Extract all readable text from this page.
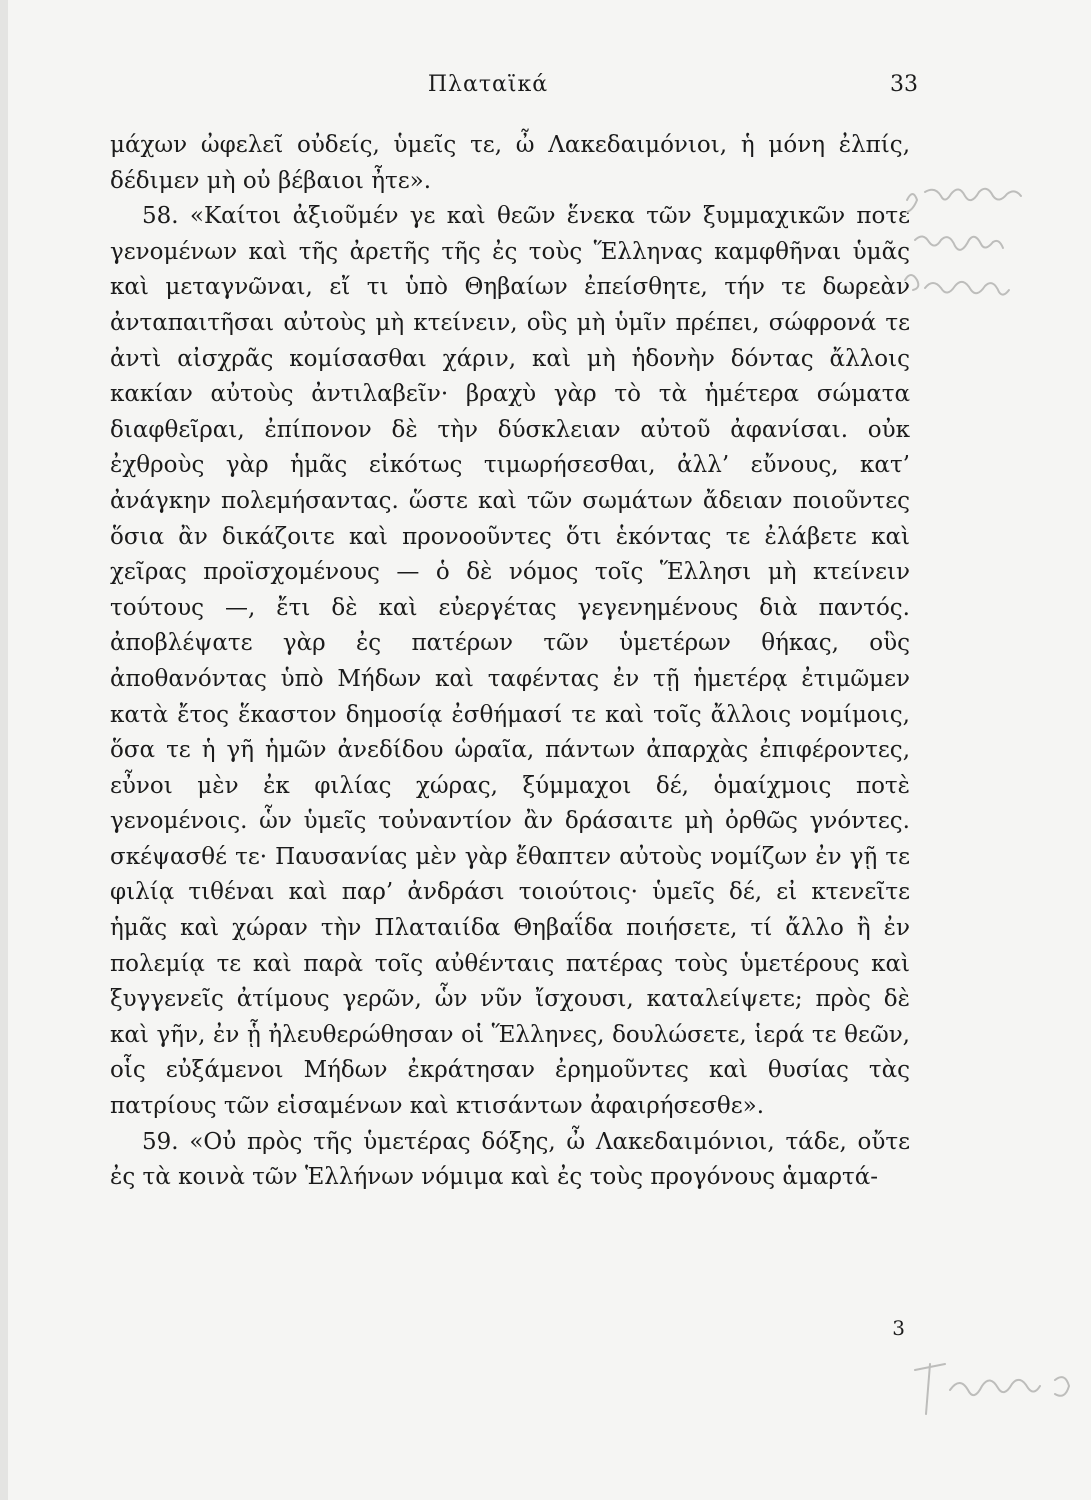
Πλαταϊκά	33

μάχων ὠφελεῖ οὐδείς, ὑμεῖς τε, ὦ Λακεδαιμόνιοι, ἡ μόνη ἐλπίς, δέδιμεν μὴ οὐ βέβαιοι ἦτε».

58. «Καίτοι ἀξιοῦμέν γε καὶ θεῶν ἕνεκα τῶν ξυμμαχικῶν ποτε γενομένων καὶ τῆς ἀρετῆς τῆς ἐς τοὺς Ἕλληνας καμφθῆναι ὑμᾶς καὶ μεταγνῶναι, εἴ τι ὑπὸ Θηβαίων ἐπείσθητε, τήν τε δωρεὰν ἀνταπαιτῆσαι αὐτοὺς μὴ κτείνειν, οὓς μὴ ὑμῖν πρέπει, σώφρονά τε ἀντὶ αἰσχρᾶς κομίσασθαι χάριν, καὶ μὴ ἡδονὴν δόντας ἄλλοις κακίαν αὐτοὺς ἀντιλαβεῖν· βραχὺ γὰρ τὸ τὰ ἡμέτερα σώματα διαφθεῖραι, ἐπίπονον δὲ τὴν δύσκλειαν αὐτοῦ ἀφανίσαι. οὐκ ἐχθροὺς γὰρ ἡμᾶς εἰκότως τιμωρήσεσθαι, ἀλλ’ εὔνους, κατ’ ἀνάγκην πολεμήσαντας. ὥστε καὶ τῶν σωμάτων ἄδειαν ποιοῦντες ὅσια ἂν δικάζοιτε καὶ προνοοῦντες ὅτι ἑκόντας τε ἐλάβετε καὶ χεῖρας προϊσχομένους — ὁ δὲ νόμος τοῖς Ἕλλησι μὴ κτείνειν τούτους —, ἔτι δὲ καὶ εὐεργέτας γεγενημένους διὰ παντός. ἀποβλέψατε γὰρ ἐς πατέρων τῶν ὑμετέρων θήκας, οὓς ἀποθανόντας ὑπὸ Μήδων καὶ ταφέντας ἐν τῇ ἡμετέρᾳ ἐτιμῶμεν κατὰ ἔτος ἕκαστον δημοσίᾳ ἐσθήμασί τε καὶ τοῖς ἄλλοις νομίμοις, ὅσα τε ἡ γῆ ἡμῶν ἀνεδίδου ὡραῖα, πάντων ἀπαρχὰς ἐπιφέροντες, εὖνοι μὲν ἐκ φιλίας χώρας, ξύμμαχοι δέ, ὁμαίχμοις ποτὲ γενομένοις. ὧν ὑμεῖς τοὐναντίον ἂν δράσαιτε μὴ ὀρθῶς γνόντες. σκέψασθέ τε· Παυσανίας μὲν γὰρ ἔθαπτεν αὐτοὺς νομίζων ἐν γῇ τε φιλίᾳ τιθέναι καὶ παρ’ ἀνδράσι τοιούτοις· ὑμεῖς δέ, εἰ κτενεῖτε ἡμᾶς καὶ χώραν τὴν Πλαταιίδα Θηβαΐδα ποιήσετε, τί ἄλλο ἢ ἐν πολεμίᾳ τε καὶ παρὰ τοῖς αὐθένταις πατέρας τοὺς ὑμετέρους καὶ ξυγγενεῖς ἀτίμους γερῶν, ὧν νῦν ἴσχουσι, καταλείψετε; πρὸς δὲ καὶ γῆν, ἐν ᾗ ἠλευθερώθησαν οἱ Ἕλληνες, δουλώσετε, ἱερά τε θεῶν, οἷς εὐξάμενοι Μήδων ἐκράτησαν ἐρημοῦντες καὶ θυσίας τὰς πατρίους τῶν εἱσαμένων καὶ κτισάντων ἀφαιρήσεσθε».

59. «Οὐ πρὸς τῆς ὑμετέρας δόξης, ὦ Λακεδαιμόνιοι, τάδε, οὔτε ἐς τὰ κοινὰ τῶν Ἑλλήνων νόμιμα καὶ ἐς τοὺς προγόνους ἁμαρτά-

3
